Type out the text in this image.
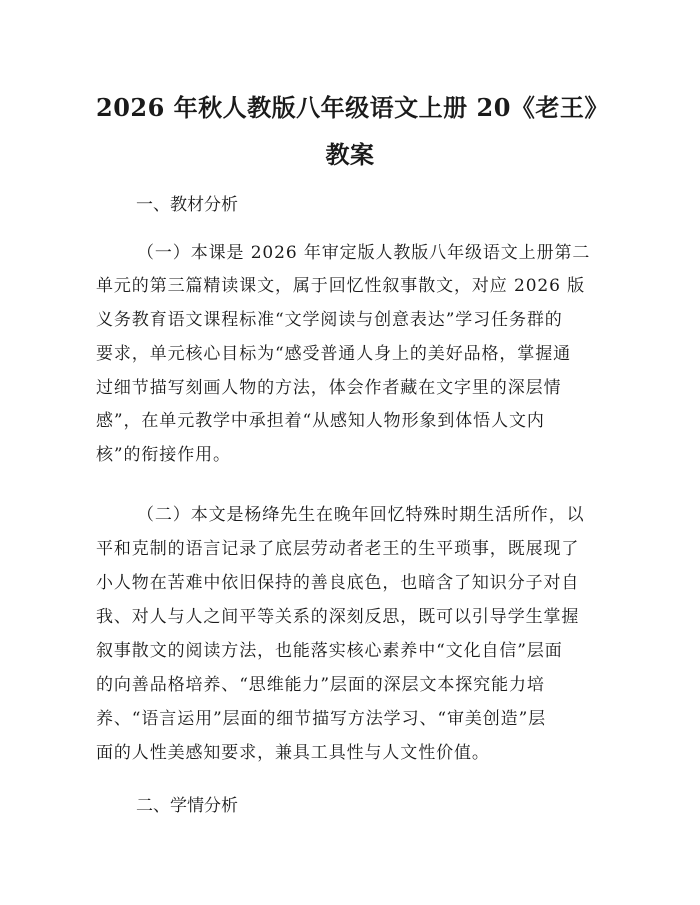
2026 年秋人教版八年级语文上册 20《老王》
教案
一、教材分析
（一）本课是 2026 年审定版人教版八年级语文上册第二
单元的第三篇精读课文，属于回忆性叙事散文，对应 2026 版
义务教育语文课程标准“文学阅读与创意表达”学习任务群的
要求，单元核心目标为“感受普通人身上的美好品格，掌握通
过细节描写刻画人物的方法，体会作者藏在文字里的深层情
感”，在单元教学中承担着“从感知人物形象到体悟人文内
核”的衔接作用。
（二）本文是杨绛先生在晚年回忆特殊时期生活所作，以
平和克制的语言记录了底层劳动者老王的生平琐事，既展现了
小人物在苦难中依旧保持的善良底色，也暗含了知识分子对自
我、对人与人之间平等关系的深刻反思，既可以引导学生掌握
叙事散文的阅读方法，也能落实核心素养中“文化自信”层面
的向善品格培养、“思维能力”层面的深层文本探究能力培
养、“语言运用”层面的细节描写方法学习、“审美创造”层
面的人性美感知要求，兼具工具性与人文性价值。
二、学情分析
